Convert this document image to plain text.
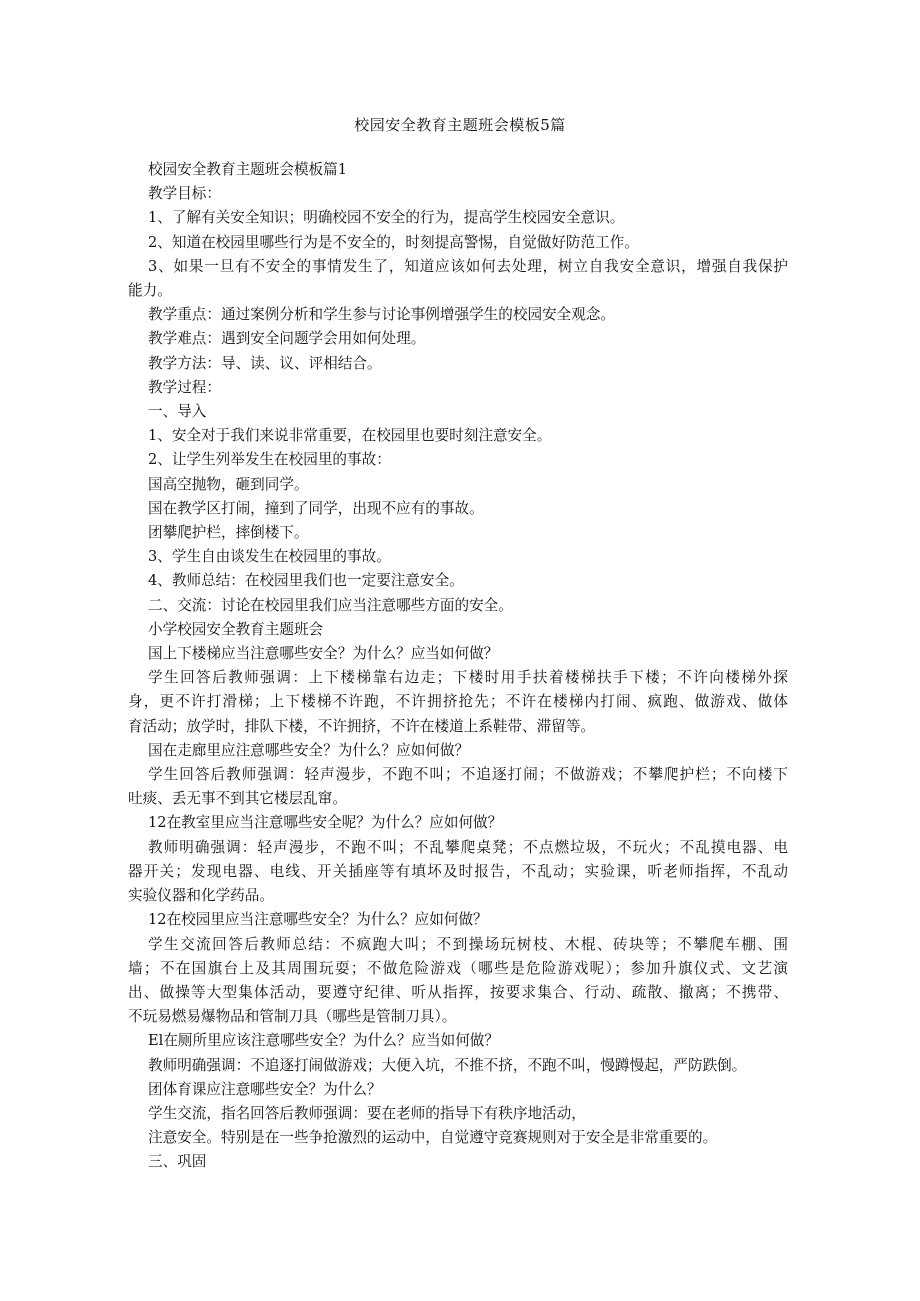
校园安全教育主题班会模板5篇

校园安全教育主题班会模板篇1

教学目标：

1、了解有关安全知识；明确校园不安全的行为，提高学生校园安全意识。

2、知道在校园里哪些行为是不安全的，时刻提高警惕，自觉做好防范工作。

3、如果一旦有不安全的事情发生了，知道应该如何去处理，树立自我安全意识，增强自我保护

能力。

教学重点：通过案例分析和学生参与讨论事例增强学生的校园安全观念。

教学难点：遇到安全问题学会用如何处理。

教学方法：导、读、议、评相结合。

教学过程：

一、导入

1、安全对于我们来说非常重要，在校园里也要时刻注意安全。

2、让学生列举发生在校园里的事故：

国高空抛物，砸到同学。

国在教学区打闹，撞到了同学，出现不应有的事故。

团攀爬护栏，摔倒楼下。

3、学生自由谈发生在校园里的事故。

4、教师总结：在校园里我们也一定要注意安全。

二、交流：讨论在校园里我们应当注意哪些方面的安全。

小学校园安全教育主题班会

国上下楼梯应当注意哪些安全？为什么？应当如何做？

学生回答后教师强调：上下楼梯靠右边走；下楼时用手扶着楼梯扶手下楼；不许向楼梯外探

身，更不许打滑梯；上下楼梯不许跑，不许拥挤抢先；不许在楼梯内打闹、疯跑、做游戏、做体

育活动；放学时，排队下楼，不许拥挤，不许在楼道上系鞋带、滞留等。

国在走廊里应注意哪些安全？为什么？应如何做？

学生回答后教师强调：轻声漫步，不跑不叫；不追逐打闹；不做游戏；不攀爬护栏；不向楼下

吐痰、丢无事不到其它楼层乱窜。

12在教室里应当注意哪些安全呢？为什么？应如何做？

教师明确强调：轻声漫步，不跑不叫；不乱攀爬桌凳；不点燃垃圾，不玩火；不乱摸电器、电

器开关；发现电器、电线、开关插座等有填坏及时报告，不乱动；实验课，听老师指挥，不乱动

实验仪器和化学药品。

12在校园里应当注意哪些安全？为什么？应如何做？

学生交流回答后教师总结：不疯跑大叫；不到操场玩树枝、木棍、砖块等；不攀爬车棚、围

墙；不在国旗台上及其周围玩耍；不做危险游戏（哪些是危险游戏呢）；参加升旗仪式、文艺演

出、做操等大型集体活动，要遵守纪律、听从指挥，按要求集合、行动、疏散、撤离；不携带、

不玩易燃易爆物品和管制刀具（哪些是管制刀具）。

El在厕所里应该注意哪些安全？为什么？应当如何做？

教师明确强调：不追逐打闹做游戏；大便入坑，不推不挤，不跑不叫，慢蹲慢起，严防跌倒。

团体育课应注意哪些安全？为什么？

学生交流，指名回答后教师强调：要在老师的指导下有秩序地活动，

注意安全。特别是在一些争抢激烈的运动中，自觉遵守竞赛规则对于安全是非常重要的。

三、巩固
